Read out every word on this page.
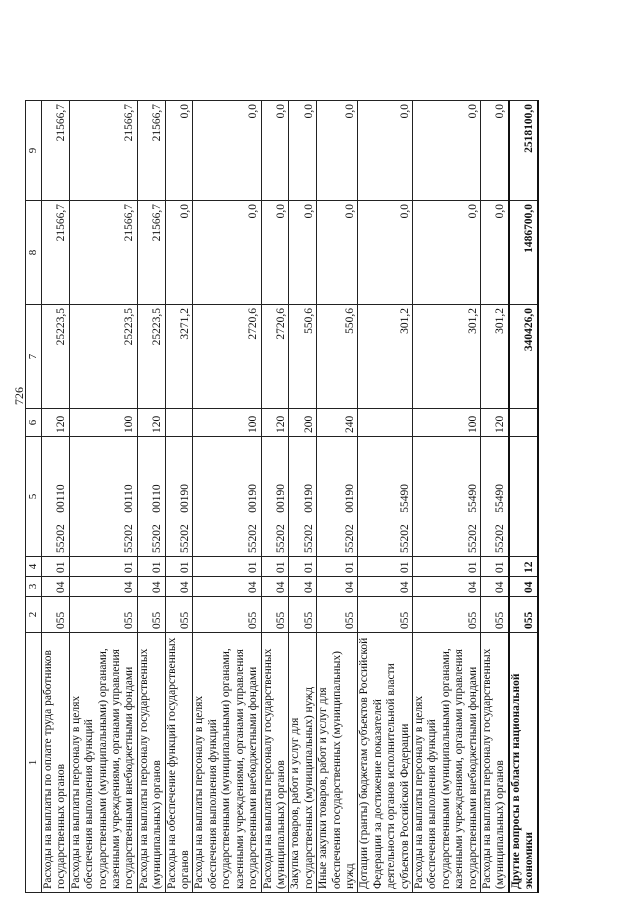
726
1	2	3	4	5	6	7	8	9
Расходы на выплаты по оплате труда работников государственных органов	055	04	01	55202    00110	120	25223,5	21566,7	21566,7
Расходы на выплаты персоналу в целях обеспечения выполнения функций государственными (муниципальными) органами, казенными учреждениями, органами управления государственными внебюджетными фондами	055	04	01	55202    00110	100	25223,5	21566,7	21566,7
Расходы на выплаты персоналу государственных (муниципальных) органов	055	04	01	55202    00110	120	25223,5	21566,7	21566,7
Расходы на обеспечение функций государственных органов	055	04	01	55202    00190		3271,2	0,0	0,0
Расходы на выплаты персоналу в целях обеспечения выполнения функций государственными (муниципальными) органами, казенными учреждениями, органами управления государственными внебюджетными фондами	055	04	01	55202    00190	100	2720,6	0,0	0,0
Расходы на выплаты персоналу государственных (муниципальных) органов	055	04	01	55202    00190	120	2720,6	0,0	0,0
Закупка товаров, работ и услуг для государственных (муниципальных) нужд	055	04	01	55202    00190	200	550,6	0,0	0,0
Иные закупки товаров, работ и услуг для обеспечения государственных (муниципальных) нужд	055	04	01	55202    00190	240	550,6	0,0	0,0
Дотации (гранты) бюджетам субъектов Российской Федерации за достижение показателей деятельности органов исполнительной власти субъектов Российской Федерации	055	04	01	55202    55490		301,2	0,0	0,0
Расходы на выплаты персоналу в целях обеспечения выполнения функций государственными (муниципальными) органами, казенными учреждениями, органами управления государственными внебюджетными фондами	055	04	01	55202    55490	100	301,2	0,0	0,0
Расходы на выплаты персоналу государственных (муниципальных) органов	055	04	01	55202    55490	120	301,2	0,0	0,0
Другие вопросы в области национальной экономики	055	04	12			340426,0	1486700,0	2518100,0
